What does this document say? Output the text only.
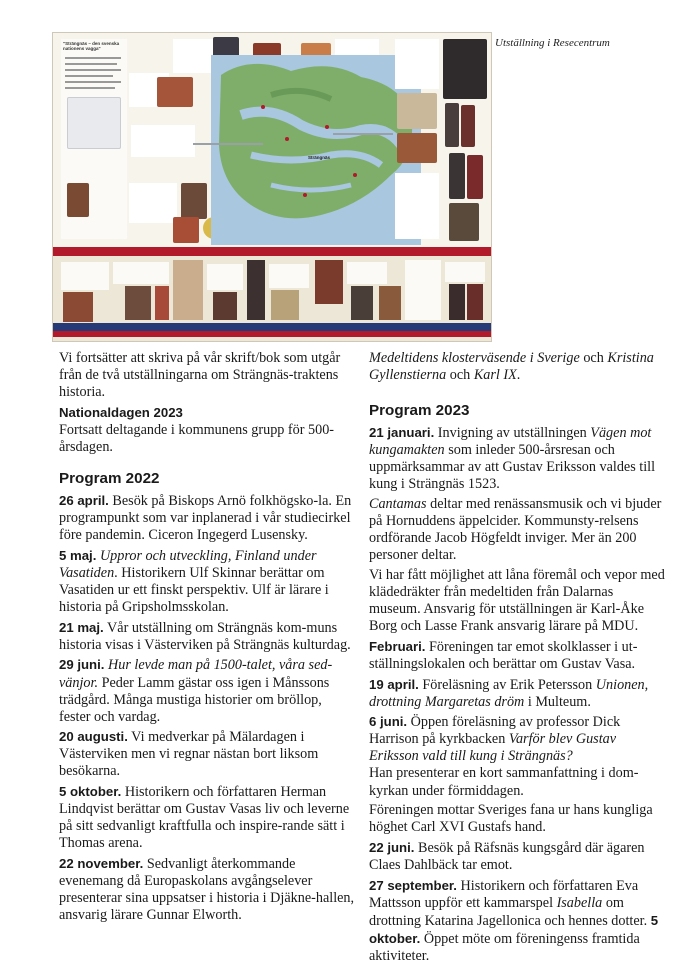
"Strängnäs – den svenska nationens vagga"
Strängnäs
Utställning i Resecentrum

Vi fortsätter att skriva på vår skrift/bok som utgår från de två utställningarna om Strängnäs-traktens historia.

Nationaldagen 2023

Fortsatt deltagande i kommunens grupp för 500-årsdagen.

Program 2022

26 april. Besök på Biskops Arnö folkhögsko-la. En programpunkt som var inplanerad i vår studiecirkel före pandemin. Ciceron Ingegerd Lusensky.

5 maj. Uppror och utveckling, Finland under Vasatiden. Historikern Ulf Skinnar berättar om Vasatiden ur ett finskt perspektiv. Ulf är lärare i historia på Gripsholmsskolan.

21 maj. Vår utställning om Strängnäs kom-muns historia visas i Västerviken på Strängnäs kulturdag.

29 juni. Hur levde man på 1500-talet, våra sed-vänjor. Peder Lamm gästar oss igen i Månssons trädgård. Många mustiga historier om bröllop, fester och vardag.

20 augusti. Vi medverkar på Mälardagen i Västerviken men vi regnar nästan bort liksom besökarna.

5 oktober. Historikern och författaren Herman Lindqvist berättar om Gustav Vasas liv och leverne på sitt sedvanligt kraftfulla och inspire-rande sätt i Thomas arena.

22 november. Sedvanligt återkommande evenemang då Europaskolans avgångselever presenterar sina uppsatser i historia i Djäkne-hallen, ansvarig lärare Gunnar Elworth.

Medeltidens klosterväsende i Sverige och Kristina Gyllenstierna och Karl IX.

Program 2023

21 januari. Invigning av utställningen Vägen mot kungamakten som inleder 500-årsresan och uppmärksammar av att Gustav Eriksson valdes till kung i Strängnäs 1523.

Cantamas deltar med renässansmusik och vi bjuder på Hornuddens äppelcider. Kommunsty-relsens ordförande Jacob Högfeldt inviger. Mer än 200 personer deltar.

Vi har fått möjlighet att låna föremål och vepor med klädedräkter från medeltiden från Dalarnas museum. Ansvarig för utställningen är Karl-Åke Borg och Lasse Frank ansvarig lärare på MDU.

Februari. Föreningen tar emot skolklasser i ut-ställningslokalen och berättar om Gustav Vasa.

19 april. Föreläsning av Erik Petersson Unionen, drottning Margaretas dröm i Multeum.

6 juni. Öppen föreläsning av professor Dick Harrison på kyrkbacken Varför blev Gustav Eriksson vald till kung i Strängnäs?

Han presenterar en kort sammanfattning i dom-kyrkan under förmiddagen.

Föreningen mottar Sveriges fana ur hans kungliga höghet Carl XVI Gustafs hand.

22 juni. Besök på Räfsnäs kungsgård där ägaren Claes Dahlbäck tar emot.

27 september. Historikern och författaren Eva Mattsson uppför ett kammarspel Isabella om drottning Katarina Jagellonica och hennes dotter. 5 oktober. Öppet möte om föreningenss framtida aktiviteter.
